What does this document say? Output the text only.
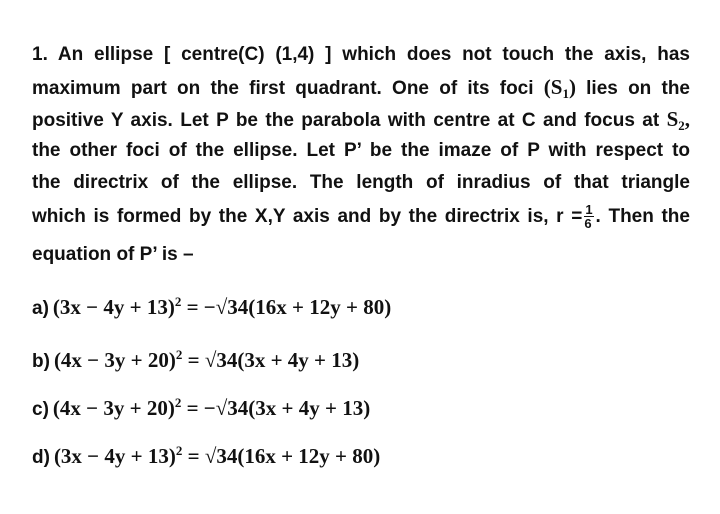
1. An ellipse [ centre(C) (1,4) ] which does not touch the axis, has
maximum part on the first quadrant. One of its foci $(S_1)$ lies on the
positive Y axis. Let P be the parabola with centre at C and focus at $S_2$,
the other foci of the ellipse. Let P’ be the imaze of P with respect to
the directrix of the ellipse. The length of inradius of that triangle
which is formed by the X,Y axis and by the directrix is, $r = \frac{1}{6}$ . Then the
equation of P’ is –
a) $(3x - 4y + 13)^2 = -√34(16x + 12y + 80)$
b) $(4x - 3y + 20)^2 = √34(3x + 4y + 13)$
c) $(4x - 3y + 20)^2 = -√34(3x + 4y + 13)$
d) $(3x - 4y + 13)^2 = √34(16x + 12y + 80)$
